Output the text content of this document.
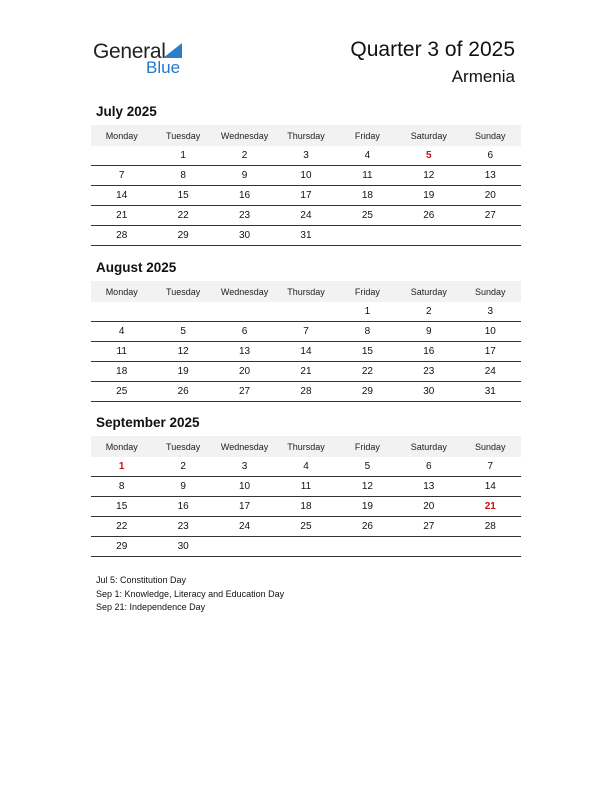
General
Blue
Quarter 3 of 2025
Armenia
July 2025
Monday	Tuesday	Wednesday	Thursday	Friday	Saturday	Sunday
	1	2	3	4	5	6
7	8	9	10	11	12	13
14	15	16	17	18	19	20
21	22	23	24	25	26	27
28	29	30	31			
August 2025
Monday	Tuesday	Wednesday	Thursday	Friday	Saturday	Sunday
				1	2	3
4	5	6	7	8	9	10
11	12	13	14	15	16	17
18	19	20	21	22	23	24
25	26	27	28	29	30	31
September 2025
Monday	Tuesday	Wednesday	Thursday	Friday	Saturday	Sunday
1	2	3	4	5	6	7
8	9	10	11	12	13	14
15	16	17	18	19	20	21
22	23	24	25	26	27	28
29	30					
Jul 5: Constitution Day
Sep 1: Knowledge, Literacy and Education Day
Sep 21: Independence Day
